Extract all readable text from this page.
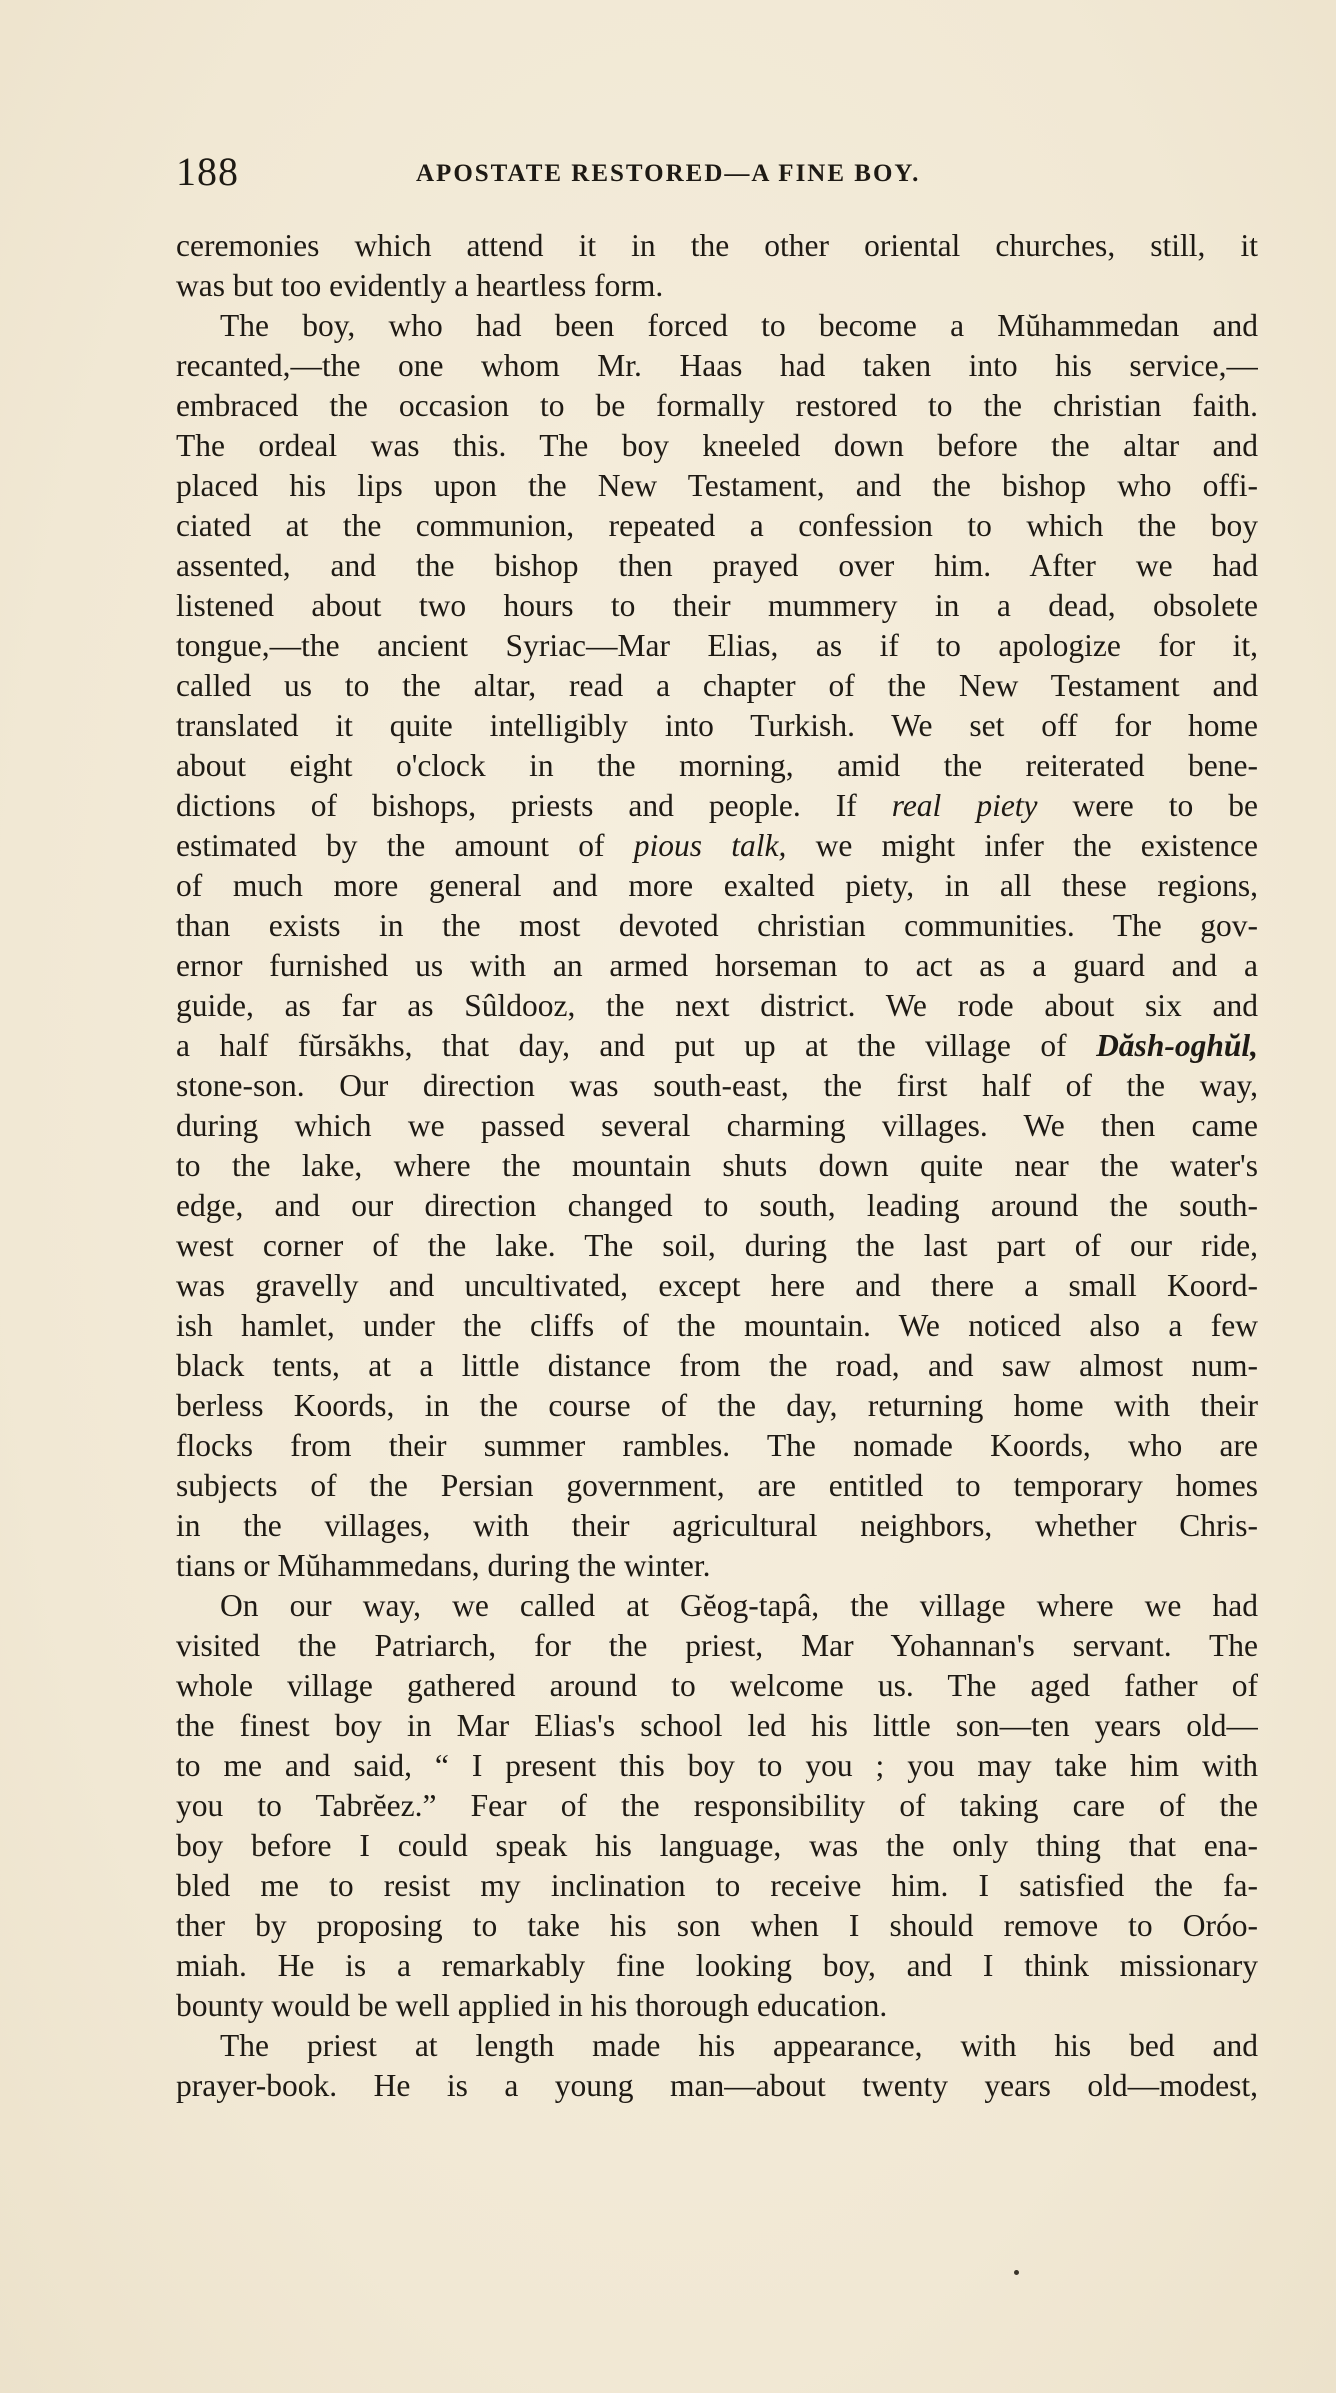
188	APOSTATE RESTORED—A FINE BOY.
ceremonies which attend it in the other oriental churches, still, it
was but too evidently a heartless form.
The boy, who had been forced to become a Mŭhammedan and
recanted,—the one whom Mr. Haas had taken into his service,—
embraced the occasion to be formally restored to the christian faith.
The ordeal was this. The boy kneeled down before the altar and
placed his lips upon the New Testament, and the bishop who offi-
ciated at the communion, repeated a confession to which the boy
assented, and the bishop then prayed over him. After we had
listened about two hours to their mummery in a dead, obsolete
tongue,—the ancient Syriac—Mar Elias, as if to apologize for it,
called us to the altar, read a chapter of the New Testament and
translated it quite intelligibly into Turkish. We set off for home
about eight o'clock in the morning, amid the reiterated bene-
dictions of bishops, priests and people. If real piety were to be
estimated by the amount of pious talk, we might infer the existence
of much more general and more exalted piety, in all these regions,
than exists in the most devoted christian communities. The gov-
ernor furnished us with an armed horseman to act as a guard and a
guide, as far as Sûldooz, the next district. We rode about six and
a half fŭrsăkhs, that day, and put up at the village of Dăsh-oghŭl,
stone-son. Our direction was south-east, the first half of the way,
during which we passed several charming villages. We then came
to the lake, where the mountain shuts down quite near the water's
edge, and our direction changed to south, leading around the south-
west corner of the lake. The soil, during the last part of our ride,
was gravelly and uncultivated, except here and there a small Koord-
ish hamlet, under the cliffs of the mountain. We noticed also a few
black tents, at a little distance from the road, and saw almost num-
berless Koords, in the course of the day, returning home with their
flocks from their summer rambles. The nomade Koords, who are
subjects of the Persian government, are entitled to temporary homes
in the villages, with their agricultural neighbors, whether Chris-
tians or Mŭhammedans, during the winter.
On our way, we called at Gĕog-tapâ, the village where we had
visited the Patriarch, for the priest, Mar Yohannan's servant. The
whole village gathered around to welcome us. The aged father of
the finest boy in Mar Elias's school led his little son—ten years old—
to me and said, “ I present this boy to you ; you may take him with
you to Tabrĕez.” Fear of the responsibility of taking care of the
boy before I could speak his language, was the only thing that ena-
bled me to resist my inclination to receive him. I satisfied the fa-
ther by proposing to take his son when I should remove to Oróo-
miah. He is a remarkably fine looking boy, and I think missionary
bounty would be well applied in his thorough education.
The priest at length made his appearance, with his bed and
prayer-book. He is a young man—about twenty years old—modest,
